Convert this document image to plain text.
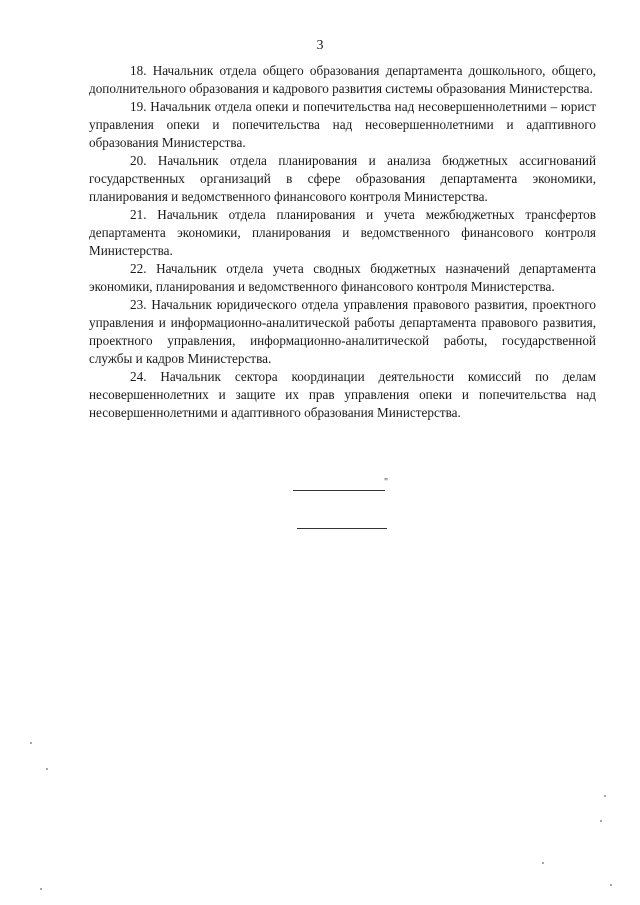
3

18. Начальник отдела общего образования департамента дошкольного, общего, дополнительного образования и кадрового развития системы образования Министерства.

19. Начальник отдела опеки и попечительства над несовершеннолетними – юрист управления опеки и попечительства над несовершеннолетними и адаптивного образования Министерства.

20. Начальник отдела планирования и анализа бюджетных ассигнований государственных организаций в сфере образования департамента экономики, планирования и ведомственного финансового контроля Министерства.

21. Начальник отдела планирования и учета межбюджетных трансфертов департамента экономики, планирования и ведомственного финансового контроля Министерства.

22. Начальник отдела учета сводных бюджетных назначений департамента экономики, планирования и ведомственного финансового контроля Министерства.

23. Начальник юридического отдела управления правового развития, проектного управления и информационно-аналитической работы департамента правового развития, проектного управления, информационно-аналитической работы, государственной службы и кадров Министерства.

24. Начальник сектора координации деятельности комиссий по делам несовершеннолетних и защите их прав управления опеки и попечительства над несовершеннолетними и адаптивного образования Министерства.

"
